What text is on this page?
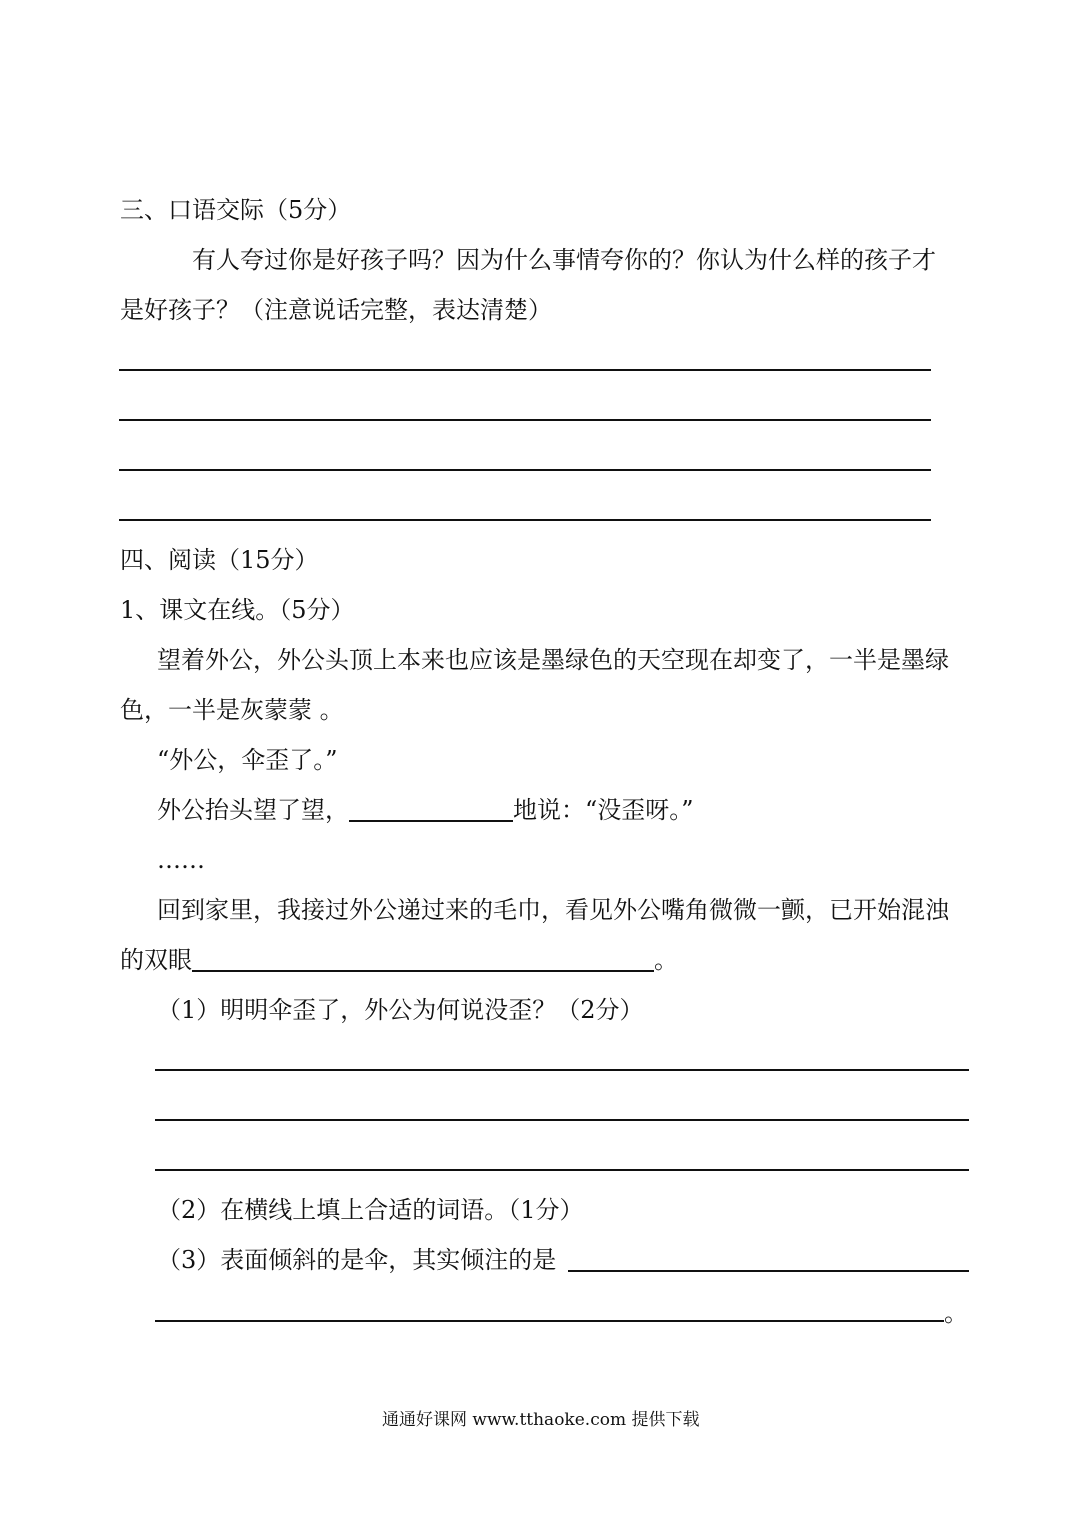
三、口语交际（5分）
有人夸过你是好孩子吗？因为什么事情夸你的？你认为什么样的孩子才
是好孩子？（注意说话完整，表达清楚）
四、阅读（15分）
1、课文在线。（5分）
望着外公，外公头顶上本来也应该是墨绿色的天空现在却变了，一半是墨绿
色，一半是灰蒙蒙 。
“外公，伞歪了。”
外公抬头望了望，	地说：“没歪呀。”
……
回到家里，我接过外公递过来的毛巾，看见外公嘴角微微一颤，已开始混浊
的双眼	。
（1）明明伞歪了，外公为何说没歪？（2分）
（2）在横线上填上合适的词语。（1分）
（3）表面倾斜的是伞，其实倾注的是
。
通通好课网 www.tthaoke.com 提供下载
